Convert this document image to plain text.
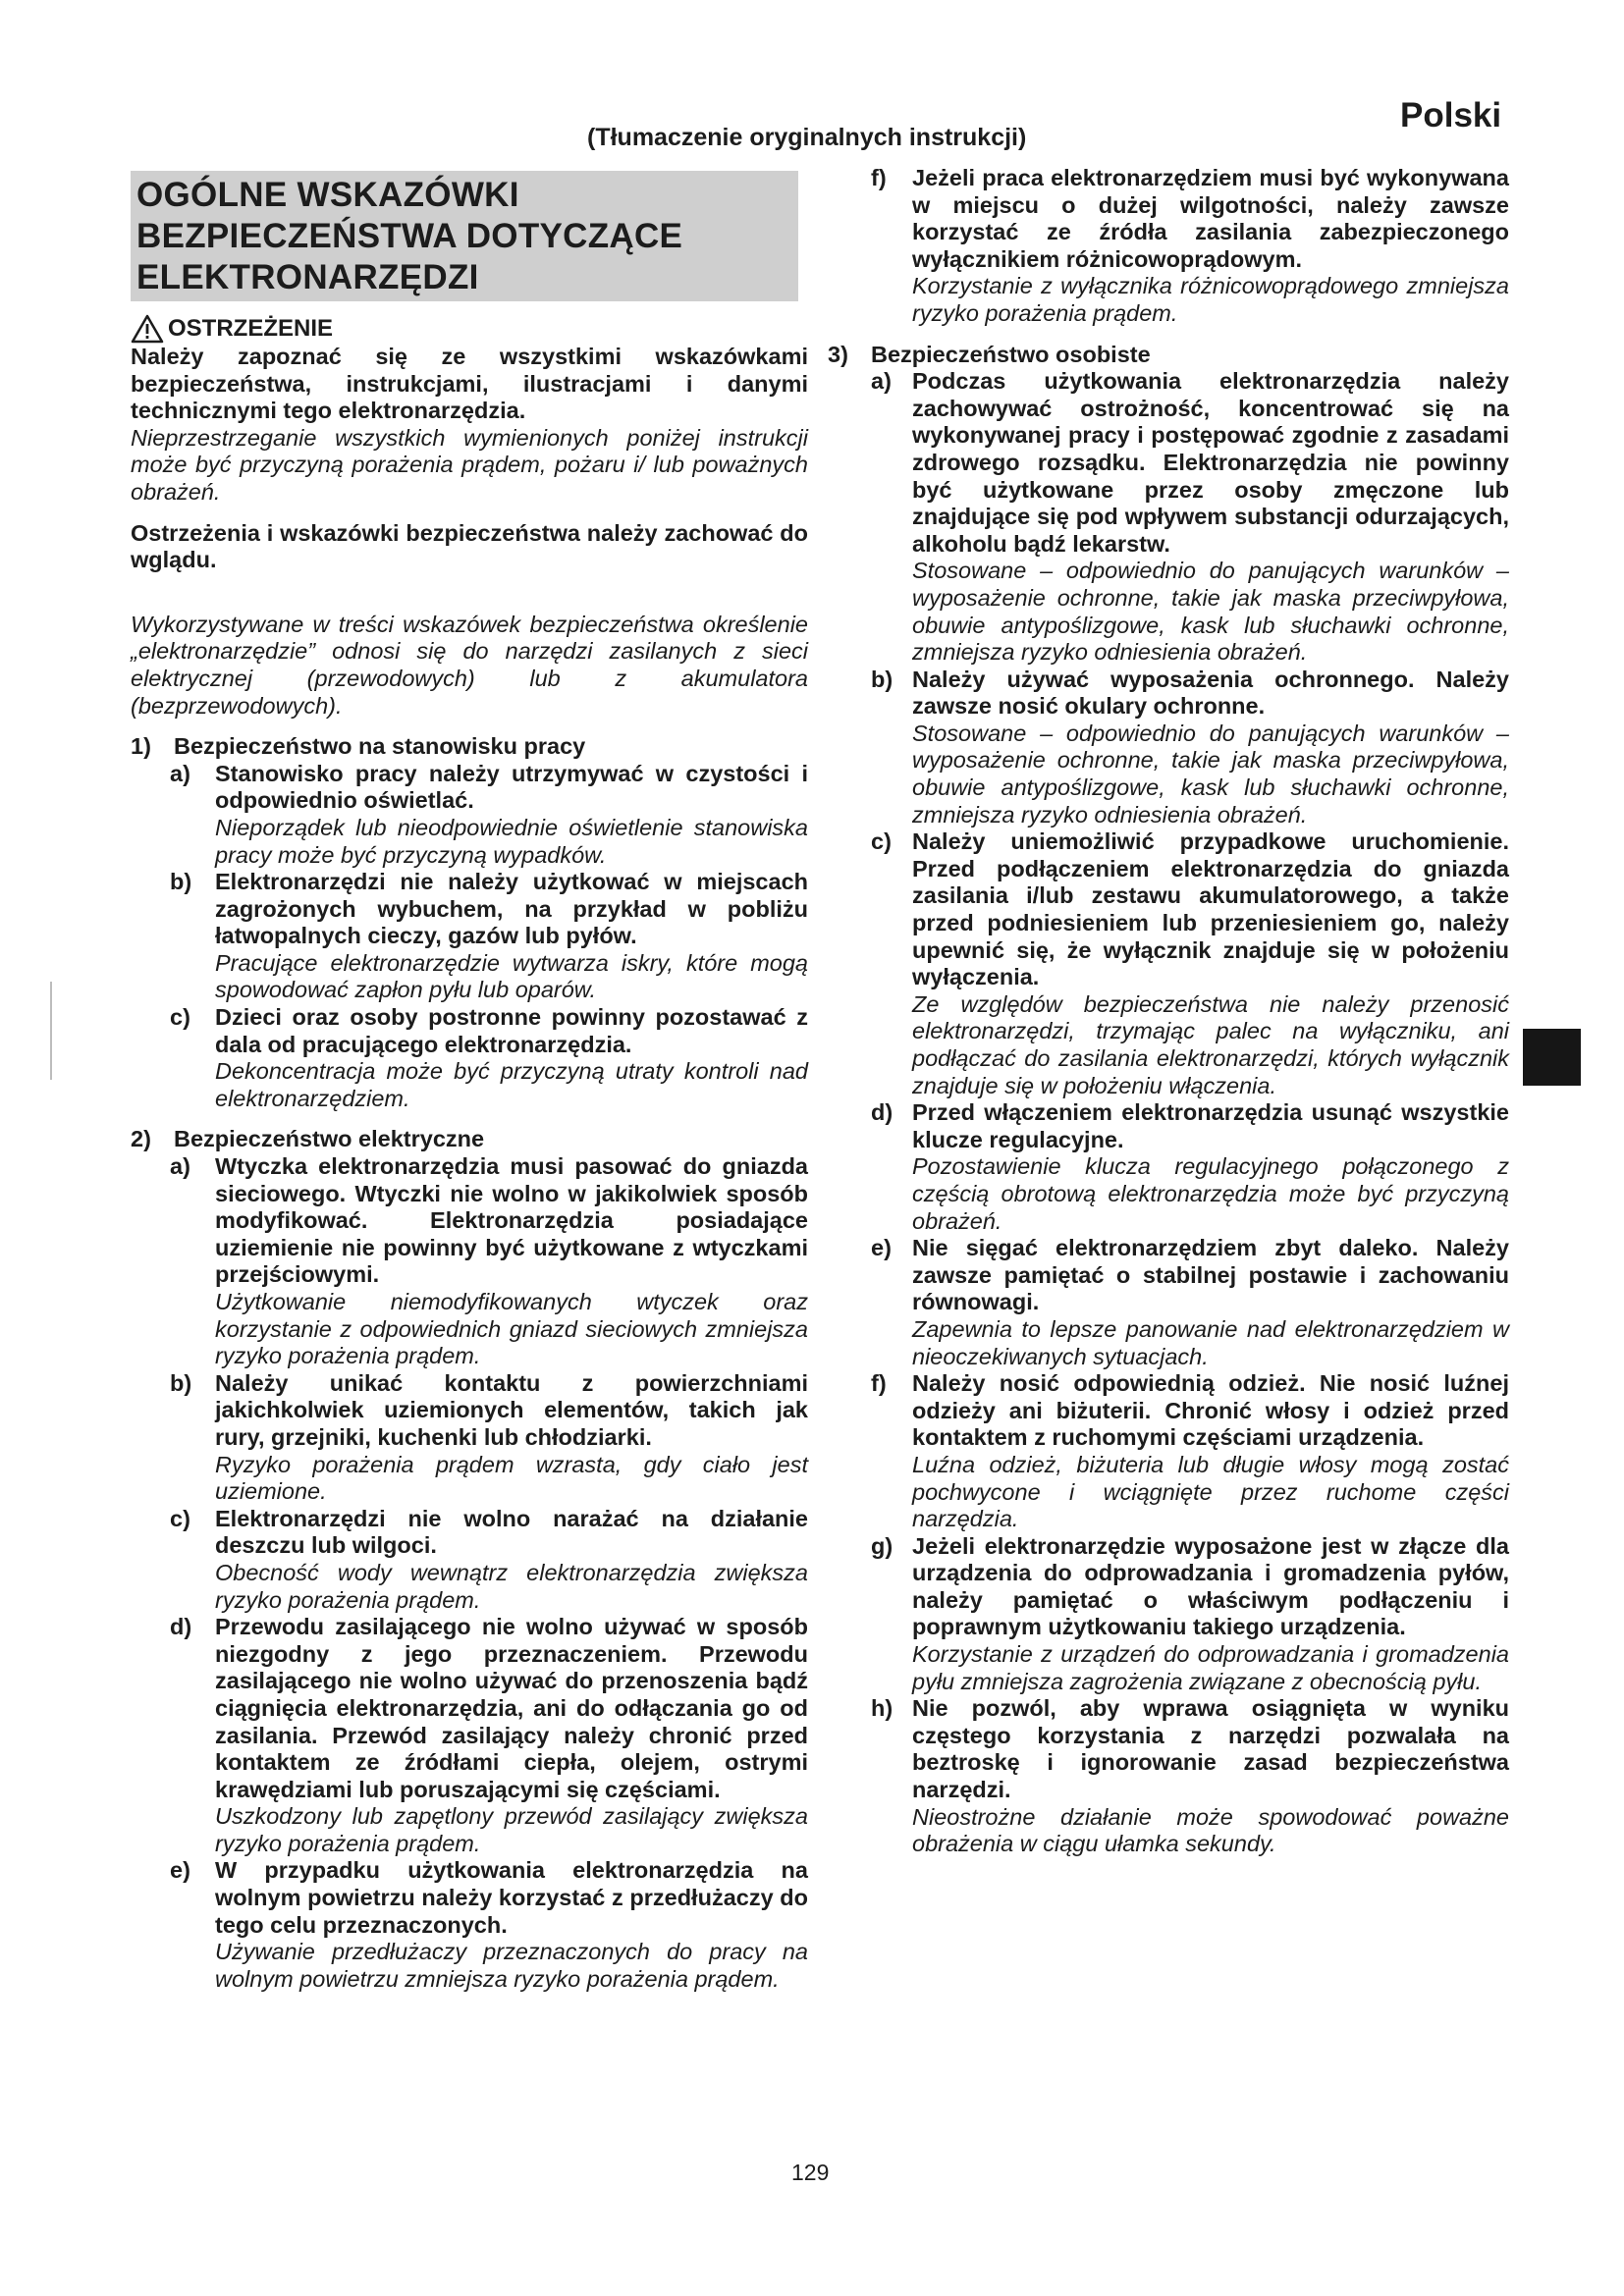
(Tłumaczenie oryginalnych instrukcji)
Polski
OGÓLNE WSKAZÓWKI
BEZPIECZEŃSTWA DOTYCZĄCE
ELEKTRONARZĘDZI
OSTRZEŻENIE

Należy zapoznać się ze wszystkimi wskazówkami bezpieczeństwa, instrukcjami, ilustracjami i danymi technicznymi tego elektronarzędzia.

Nieprzestrzeganie wszystkich wymienionych poniżej instrukcji może być przyczyną porażenia prądem, pożaru i/ lub poważnych obrażeń.

Ostrzeżenia i wskazówki bezpieczeństwa należy zachować do wglądu.

Wykorzystywane w treści wskazówek bezpieczeństwa określenie „elektronarzędzie” odnosi się do narzędzi zasilanych z sieci elektrycznej (przewodowych) lub z akumulatora (bezprzewodowych).

1) Bezpieczeństwo na stanowisku pracy
a)	Stanowisko pracy należy utrzymywać w czystości i odpowiednio oświetlać.

Nieporządek lub nieodpowiednie oświetlenie stanowiska pracy może być przyczyną wypadków.

b)	Elektronarzędzi nie należy użytkować w miejscach zagrożonych wybuchem, na przykład w pobliżu łatwopalnych cieczy, gazów lub pyłów.

Pracujące elektronarzędzie wytwarza iskry, które mogą spowodować zapłon pyłu lub oparów.

c)	Dzieci oraz osoby postronne powinny pozostawać z dala od pracującego elektronarzędzia.

Dekoncentracja może być przyczyną utraty kontroli nad elektronarzędziem.

2) Bezpieczeństwo elektryczne
a)	Wtyczka elektronarzędzia musi pasować do gniazda sieciowego. Wtyczki nie wolno w jakikolwiek sposób modyfikować. Elektronarzędzia posiadające uziemienie nie powinny być użytkowane z wtyczkami przejściowymi.

Użytkowanie niemodyfikowanych wtyczek oraz korzystanie z odpowiednich gniazd sieciowych zmniejsza ryzyko porażenia prądem.

b)	Należy unikać kontaktu z powierzchniami jakichkolwiek uziemionych elementów, takich jak rury, grzejniki, kuchenki lub chłodziarki.

Ryzyko porażenia prądem wzrasta, gdy ciało jest uziemione.

c)	Elektronarzędzi nie wolno narażać na działanie deszczu lub wilgoci.

Obecność wody wewnątrz elektronarzędzia zwiększa ryzyko porażenia prądem.

d)	Przewodu zasilającego nie wolno używać w sposób niezgodny z jego przeznaczeniem. Przewodu zasilającego nie wolno używać do przenoszenia bądź ciągnięcia elektronarzędzia, ani do odłączania go od zasilania. Przewód zasilający należy chronić przed kontaktem ze źródłami ciepła, olejem, ostrymi krawędziami lub poruszającymi się częściami.

Uszkodzony lub zapętlony przewód zasilający zwiększa ryzyko porażenia prądem.

e)	W przypadku użytkowania elektronarzędzia na wolnym powietrzu należy korzystać z przedłużaczy do tego celu przeznaczonych.

Używanie przedłużaczy przeznaczonych do pracy na wolnym powietrzu zmniejsza ryzyko porażenia prądem.

f)	Jeżeli praca elektronarzędziem musi być wykonywana w miejscu o dużej wilgotności, należy zawsze korzystać ze źródła zasilania zabezpieczonego wyłącznikiem różnicowoprądowym.

Korzystanie z wyłącznika różnicowoprądowego zmniejsza ryzyko porażenia prądem.

3) Bezpieczeństwo osobiste
a) Podczas użytkowania elektronarzędzia należy zachowywać ostrożność, koncentrować się na wykonywanej pracy i postępować zgodnie z zasadami zdrowego rozsądku. Elektronarzędzia nie powinny być użytkowane przez osoby zmęczone lub znajdujące się pod wpływem substancji odurzających, alkoholu bądź lekarstw.

Stosowane – odpowiednio do panujących warunków – wyposażenie ochronne, takie jak maska przeciwpyłowa, obuwie antypoślizgowe, kask lub słuchawki ochronne, zmniejsza ryzyko odniesienia obrażeń.

b) Należy używać wyposażenia ochronnego. Należy zawsze nosić okulary ochronne.

Stosowane – odpowiednio do panujących warunków – wyposażenie ochronne, takie jak maska przeciwpyłowa, obuwie antypoślizgowe, kask lub słuchawki ochronne, zmniejsza ryzyko odniesienia obrażeń.

c) Należy uniemożliwić przypadkowe uruchomienie. Przed podłączeniem elektronarzędzia do gniazda zasilania i/lub zestawu akumulatorowego, a także przed podniesieniem lub przeniesieniem go, należy upewnić się, że wyłącznik znajduje się w położeniu wyłączenia.

Ze względów bezpieczeństwa nie należy przenosić elektronarzędzi, trzymając palec na wyłączniku, ani podłączać do zasilania elektronarzędzi, których wyłącznik znajduje się w położeniu włączenia.

d) Przed włączeniem elektronarzędzia usunąć wszystkie klucze regulacyjne.

Pozostawienie klucza regulacyjnego połączonego z częścią obrotową elektronarzędzia może być przyczyną obrażeń.

e) Nie sięgać elektronarzędziem zbyt daleko. Należy zawsze pamiętać o stabilnej postawie i zachowaniu równowagi.

Zapewnia to lepsze panowanie nad elektronarzędziem w nieoczekiwanych sytuacjach.

f)	Należy nosić odpowiednią odzież. Nie nosić luźnej odzieży ani biżuterii. Chronić włosy i odzież przed kontaktem z ruchomymi częściami urządzenia.

Luźna odzież, biżuteria lub długie włosy mogą zostać pochwycone i wciągnięte przez ruchome części narzędzia.

g) Jeżeli elektronarzędzie wyposażone jest w złącze dla urządzenia do odprowadzania i gromadzenia pyłów, należy pamiętać o właściwym podłączeniu i poprawnym użytkowaniu takiego urządzenia.

Korzystanie z urządzeń do odprowadzania i gromadzenia pyłu zmniejsza zagrożenia związane z obecnością pyłu.

h) Nie pozwól, aby wprawa osiągnięta w wyniku częstego korzystania z narzędzi pozwalała na beztroskę i ignorowanie zasad bezpieczeństwa narzędzi.

Nieostrożne działanie może spowodować poważne obrażenia w ciągu ułamka sekundy.

129
